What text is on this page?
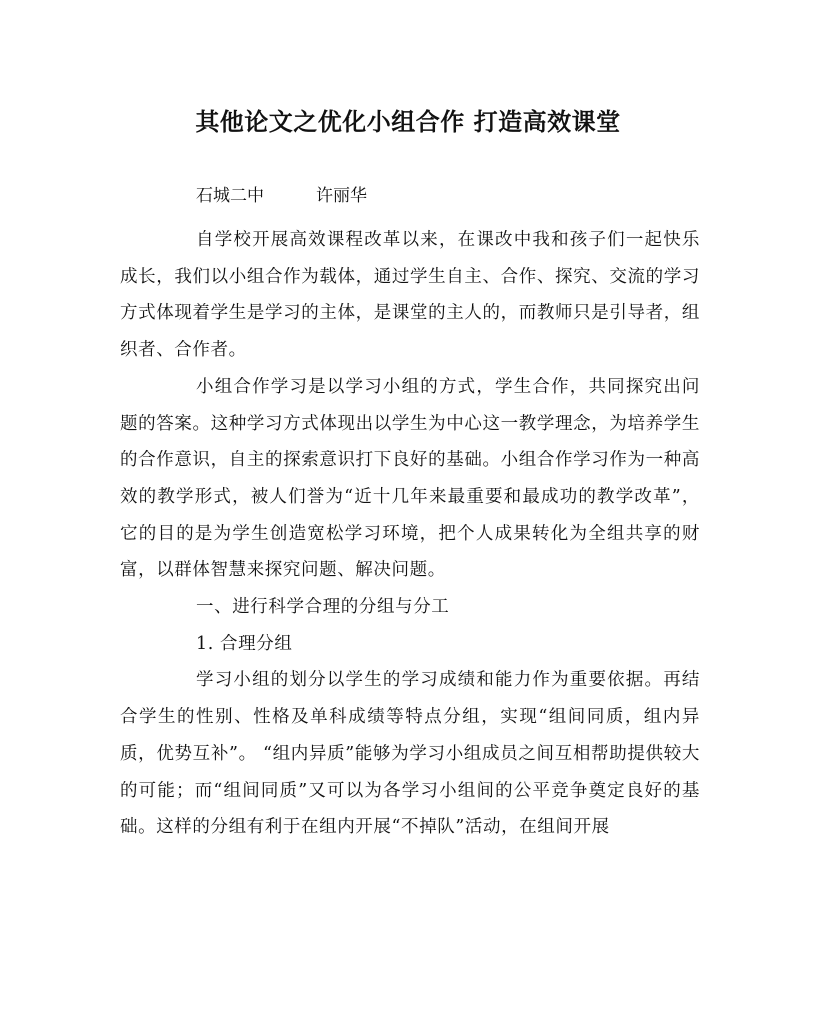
其他论文之优化小组合作 打造高效课堂
石城二中	许丽华

自学校开展高效课程改革以来，在课改中我和孩子们一起快乐成长，我们以小组合作为载体，通过学生自主、合作、探究、交流的学习方式体现着学生是学习的主体，是课堂的主人的，而教师只是引导者，组织者、合作者。

小组合作学习是以学习小组的方式，学生合作，共同探究出问题的答案。这种学习方式体现出以学生为中心这一教学理念，为培养学生的合作意识，自主的探索意识打下良好的基础。小组合作学习作为一种高效的教学形式，被人们誉为“近十几年来最重要和最成功的教学改革”，它的目的是为学生创造宽松学习环境，把个人成果转化为全组共享的财富，以群体智慧来探究问题、解决问题。

一、进行科学合理的分组与分工

1. 合理分组

学习小组的划分以学生的学习成绩和能力作为重要依据。再结合学生的性别、性格及单科成绩等特点分组，实现“组间同质，组内异质，优势互补”。 “组内异质”能够为学习小组成员之间互相帮助提供较大的可能；而“组间同质”又可以为各学习小组间的公平竞争奠定良好的基础。这样的分组有利于在组内开展“不掉队”活动，在组间开展
